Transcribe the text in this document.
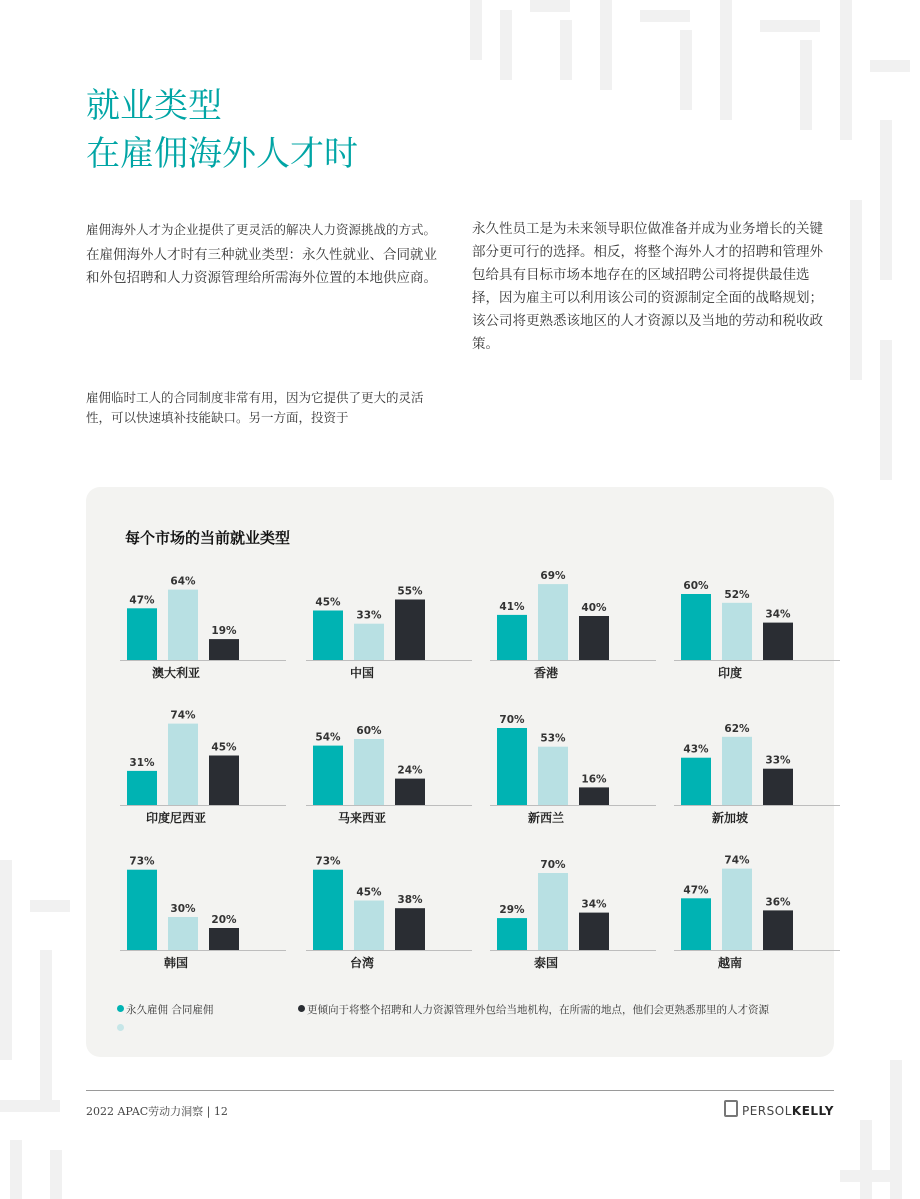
就业类型
在雇佣海外人才时

雇佣海外人才为企业提供了更灵活的解决人力资源挑战的方式。

在雇佣海外人才时有三种就业类型：永久性就业、合同就业和外包招聘和人力资源管理给所需海外位置的本地供应商。

雇佣临时工人的合同制度非常有用，因为它提供了更大的灵活性，可以快速填补技能缺口。另一方面，投资于

永久性员工是为未来领导职位做准备并成为业务增长的关键部分更可行的选择。相反，将整个海外人才的招聘和管理外包给具有目标市场本地存在的区域招聘公司将提供最佳选择，因为雇主可以利用该公司的资源制定全面的战略规划；该公司将更熟悉该地区的人才资源以及当地的劳动和税收政策。

每个市场的当前就业类型
47%
64%
19%
澳大利亚
45%
33%
55%
中国
41%
69%
40%
香港
60%
52%
34%
印度
31%
74%
45%
印度尼西亚
54%
60%
24%
马来西亚
70%
53%
16%
新西兰
43%
62%
33%
新加坡
73%
30%
20%
韩国
73%
45%
38%
台湾
29%
70%
34%
泰国
47%
74%
36%
越南
永久雇佣 合同雇佣	更倾向于将整个招聘和人力资源管理外包给当地机构，在所需的地点，他们会更熟悉那里的人才资源
2022 APAC劳动力洞察 | 12	PERSOLKELLY
